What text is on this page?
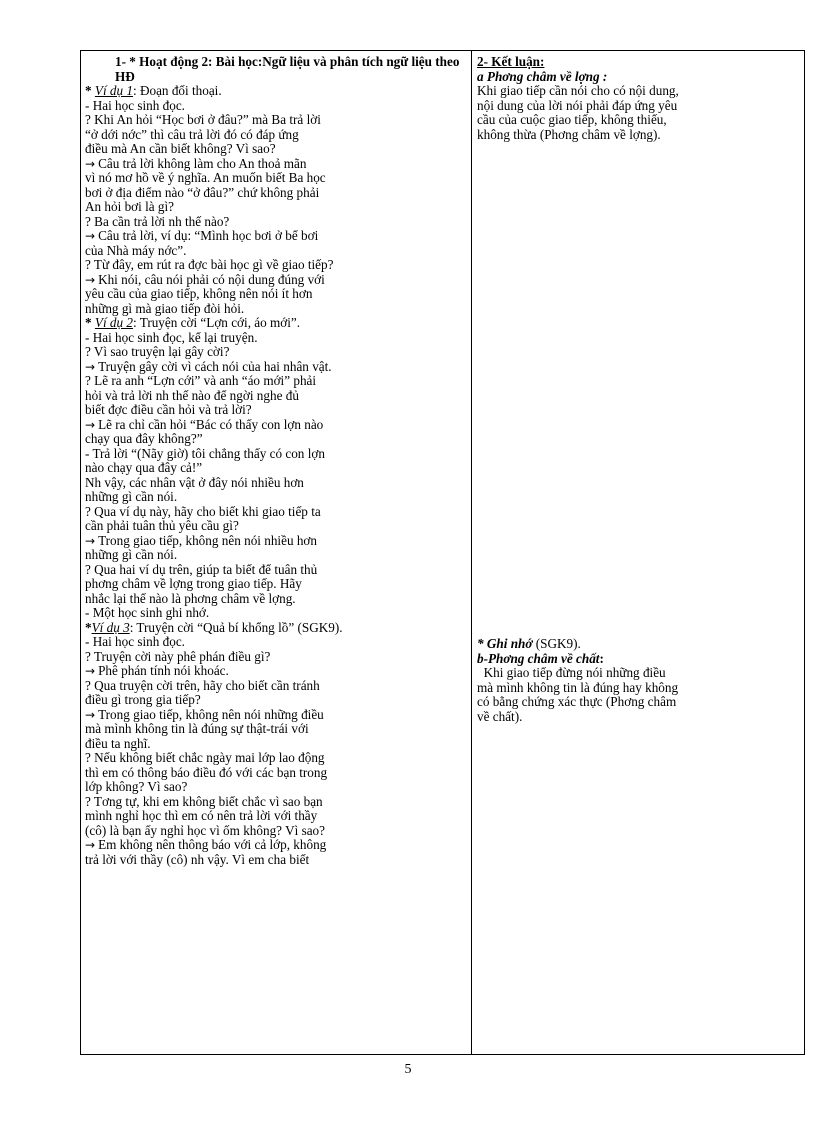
1- * Hoạt động 2: Bài học:Ngữ liệu và phân tích ngữ liệu theo HĐ

* Ví dụ 1: Đoạn đối thoại.

- Hai học sinh đọc.

? Khi An hỏi “Học bơi ở đâu?” mà Ba trả lời

“ở dới nớc” thì câu trả lời đó có đáp ứng

điều mà An cần biết không? Vì sao?

→ Câu trả lời không làm cho An thoả mãn

vì nó mơ hồ về ý nghĩa. An muốn biết Ba học

bơi ở địa điểm nào “ở đâu?” chứ không phải

An hỏi bơi là gì?

? Ba cần trả lời nh thế nào?

→ Câu trả lời, ví dụ: “Mình học bơi ở bể bơi

của Nhà máy nớc”.

? Từ đây, em rút ra đợc bài học gì về giao tiếp?

→ Khi nói, câu nói phải có nội dung đúng với

yêu cầu của giao tiếp, không nên nói ít hơn

những gì mà giao tiếp đòi hỏi.

* Ví dụ 2: Truyện cời “Lợn cới, áo mới”.

- Hai học sinh đọc, kể lại truyện.

? Vì sao truyện lại gây cời?

→ Truyện gây cời vì cách nói của hai nhân vật.

? Lẽ ra anh “Lợn cới” và anh “áo mới” phải

hỏi và trả lời nh thế nào để ngời nghe đủ

biết đợc điều cần hỏi và trả lời?

→ Lẽ ra chỉ cần hỏi “Bác có thấy con lợn nào

chạy qua đây không?”

- Trả lời “(Nãy giờ) tôi chẳng thấy có con lợn

nào chạy qua đây cả!”

Nh vậy, các nhân vật ở đây nói nhiều hơn

những gì cần nói.

? Qua ví dụ này, hãy cho biết khi giao tiếp ta

cần phải tuân thủ yêu cầu gì?

→ Trong giao tiếp, không nên nói nhiều hơn

những gì cần nói.

? Qua hai ví dụ trên, giúp ta biết để tuân thủ

phơng châm về lợng trong giao tiếp. Hãy

nhắc lại thế nào là phơng châm về lợng.

- Một học sinh ghi nhớ.

*Ví dụ 3: Truyện cời “Quả bí khổng lồ” (SGK9).

- Hai học sinh đọc.

? Truyện cời này phê phán điều gì?

→ Phê phán tính nói khoác.

? Qua truyện cời trên, hãy cho biết cần tránh

điều gì trong gia tiếp?

→ Trong giao tiếp, không nên nói những điều

mà mình không tin là đúng sự thật-trái với

điều ta nghĩ.

? Nếu không biết chắc ngày mai lớp lao động

thì em có thông báo điều đó với các bạn trong

lớp không? Vì sao?

? Tơng tự, khi em không biết chắc vì sao bạn

mình nghỉ học thì em có nên trả lời với thầy

(cô) là bạn ấy nghỉ học vì ốm không? Vì sao?

→ Em không nên thông báo với cả lớp, không

trả lời với thầy (cô) nh vậy. Vì em cha biết

2- Kết luận:

a Phơng châm về lợng :

Khi giao tiếp cần nói cho có nội dung,

nội dung của lời nói phải đáp ứng yêu

cầu của cuộc giao tiếp, không thiếu,

không thừa (Phơng châm về lợng).

* Ghi nhớ (SGK9).

b-Phơng châm về chất:

Khi giao tiếp đừng nói những điều

mà mình không tin là đúng hay không

có bằng chứng xác thực (Phơng châm

về chất).

5
